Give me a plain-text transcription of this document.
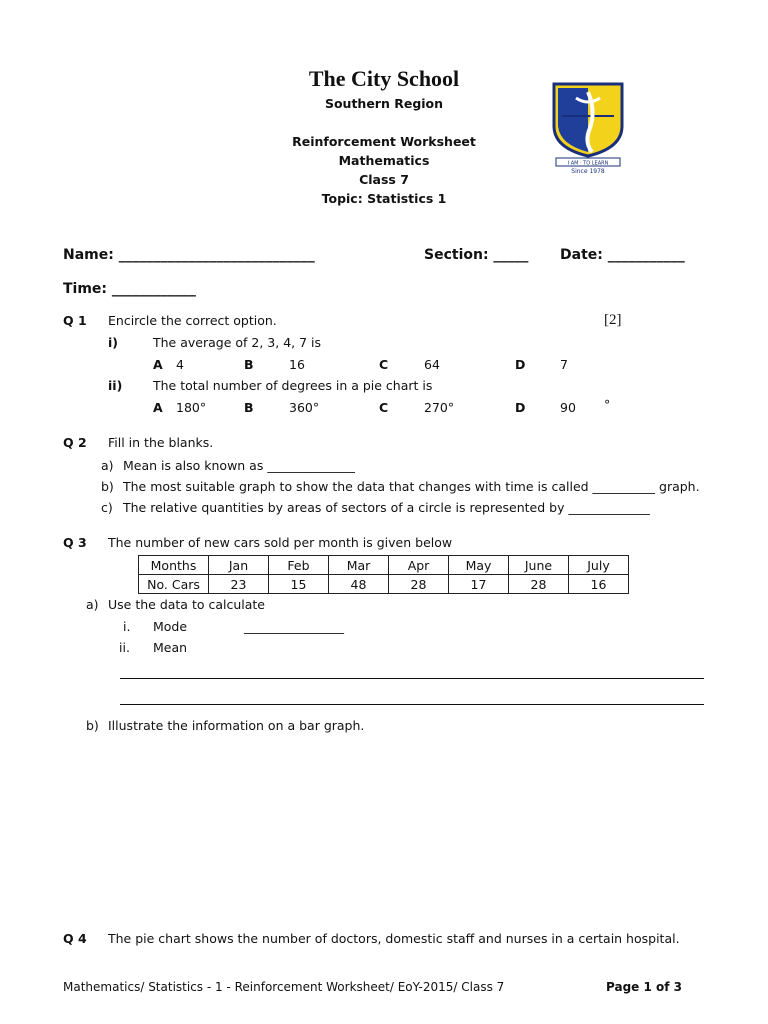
The City School
Southern Region
Reinforcement Worksheet
Mathematics
Class 7
Topic: Statistics 1
I AM · TO LEARN
Since 1978
Name: ____________________________	Section: _____ Date: ___________
Time: ____________
Q 1 Encircle the correct option.	[2]
i)	The average of 2, 3, 4, 7 is
A 4	B	16	C	64	D	7
ii) The total number of degrees in a pie chart is
A 180°	B	360°	C	270°	D	90 °
Q 2 Fill in the blanks.
a) Mean is also known as ______________
b) The most suitable graph to show the data that changes with time is called __________ graph.
c) The relative quantities by areas of sectors of a circle is represented by _____________
Q 3 The number of new cars sold per month is given below
Months	Jan	Feb	Mar	Apr	May	June	July
No. Cars	23	15	48	28	17	28	16
a) Use the data to calculate
i. Mode	________________
ii. Mean
b) Illustrate the information on a bar graph.
Q 4 The pie chart shows the number of doctors, domestic staff and nurses in a certain hospital.
Mathematics/ Statistics - 1 - Reinforcement Worksheet/ EoY-2015/ Class 7	Page 1 of 3
